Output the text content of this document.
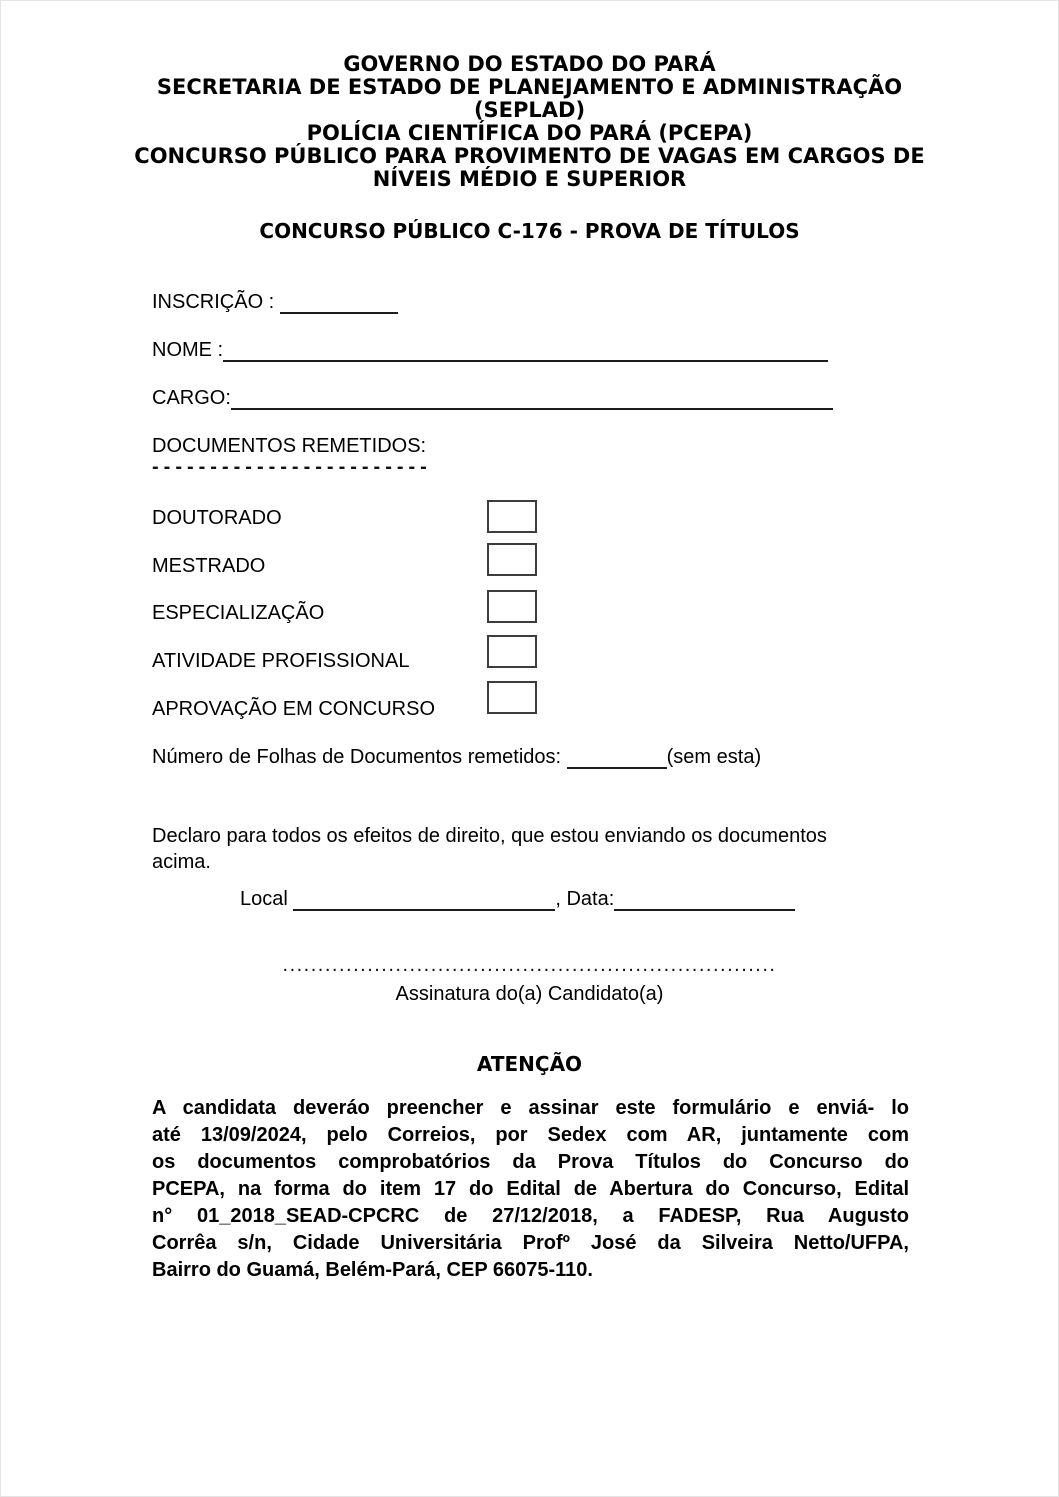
GOVERNO DO ESTADO DO PARÁ
SECRETARIA DE ESTADO DE PLANEJAMENTO E ADMINISTRAÇÃO
(SEPLAD)
POLÍCIA CIENTÍFICA DO PARÁ (PCEPA)
CONCURSO PÚBLICO PARA PROVIMENTO DE VAGAS EM CARGOS DE
NÍVEIS MÉDIO E SUPERIOR
CONCURSO PÚBLICO C-176 - PROVA DE TÍTULOS
INSCRIÇÃO :
NOME :
CARGO:
DOCUMENTOS REMETIDOS:
------------------------
DOUTORADO
MESTRADO
ESPECIALIZAÇÃO
ATIVIDADE PROFISSIONAL
APROVAÇÃO EM CONCURSO
Número de Folhas de Documentos remetidos:	(sem esta)
Declaro para todos os efeitos de direito, que estou enviando os documentos
acima.
Local	, Data:
......................................................................
Assinatura do(a) Candidato(a)
ATENÇÃO
A candidata deveráo preencher e assinar este formulário e enviá- lo
até 13/09/2024, pelo Correios, por Sedex com AR, juntamente com
os documentos comprobatórios da Prova Títulos do Concurso do
PCEPA, na forma do item 17 do Edital de Abertura do Concurso, Edital
n° 01_2018_SEAD-CPCRC de 27/12/2018, a FADESP, Rua Augusto
Corrêa s/n, Cidade Universitária Profº José da Silveira Netto/UFPA,
Bairro do Guamá, Belém-Pará, CEP 66075-110.
